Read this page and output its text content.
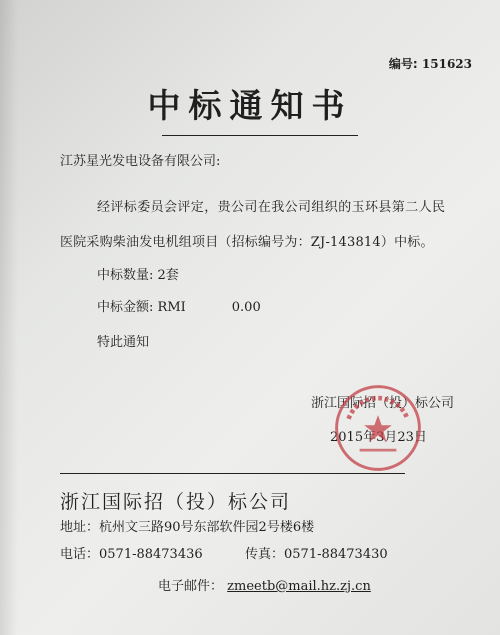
编号: 151623
中标通知书
江苏星光发电设备有限公司:
经评标委员会评定，贵公司在我公司组织的玉环县第二人民
医院采购柴油发电机组项目（招标编号为：ZJ-143814）中标。
中标数量: 2套
中标金额: RMI	0.00
特此通知
浙江国际招（投）标公司
2015年3月23日
浙江国际招（投）标公司
地址：杭州文三路90号东部软件园2号楼6楼
电话：0571-88473436	传真：0571-88473430
电子邮件： zmeetb@mail.hz.zj.cn
